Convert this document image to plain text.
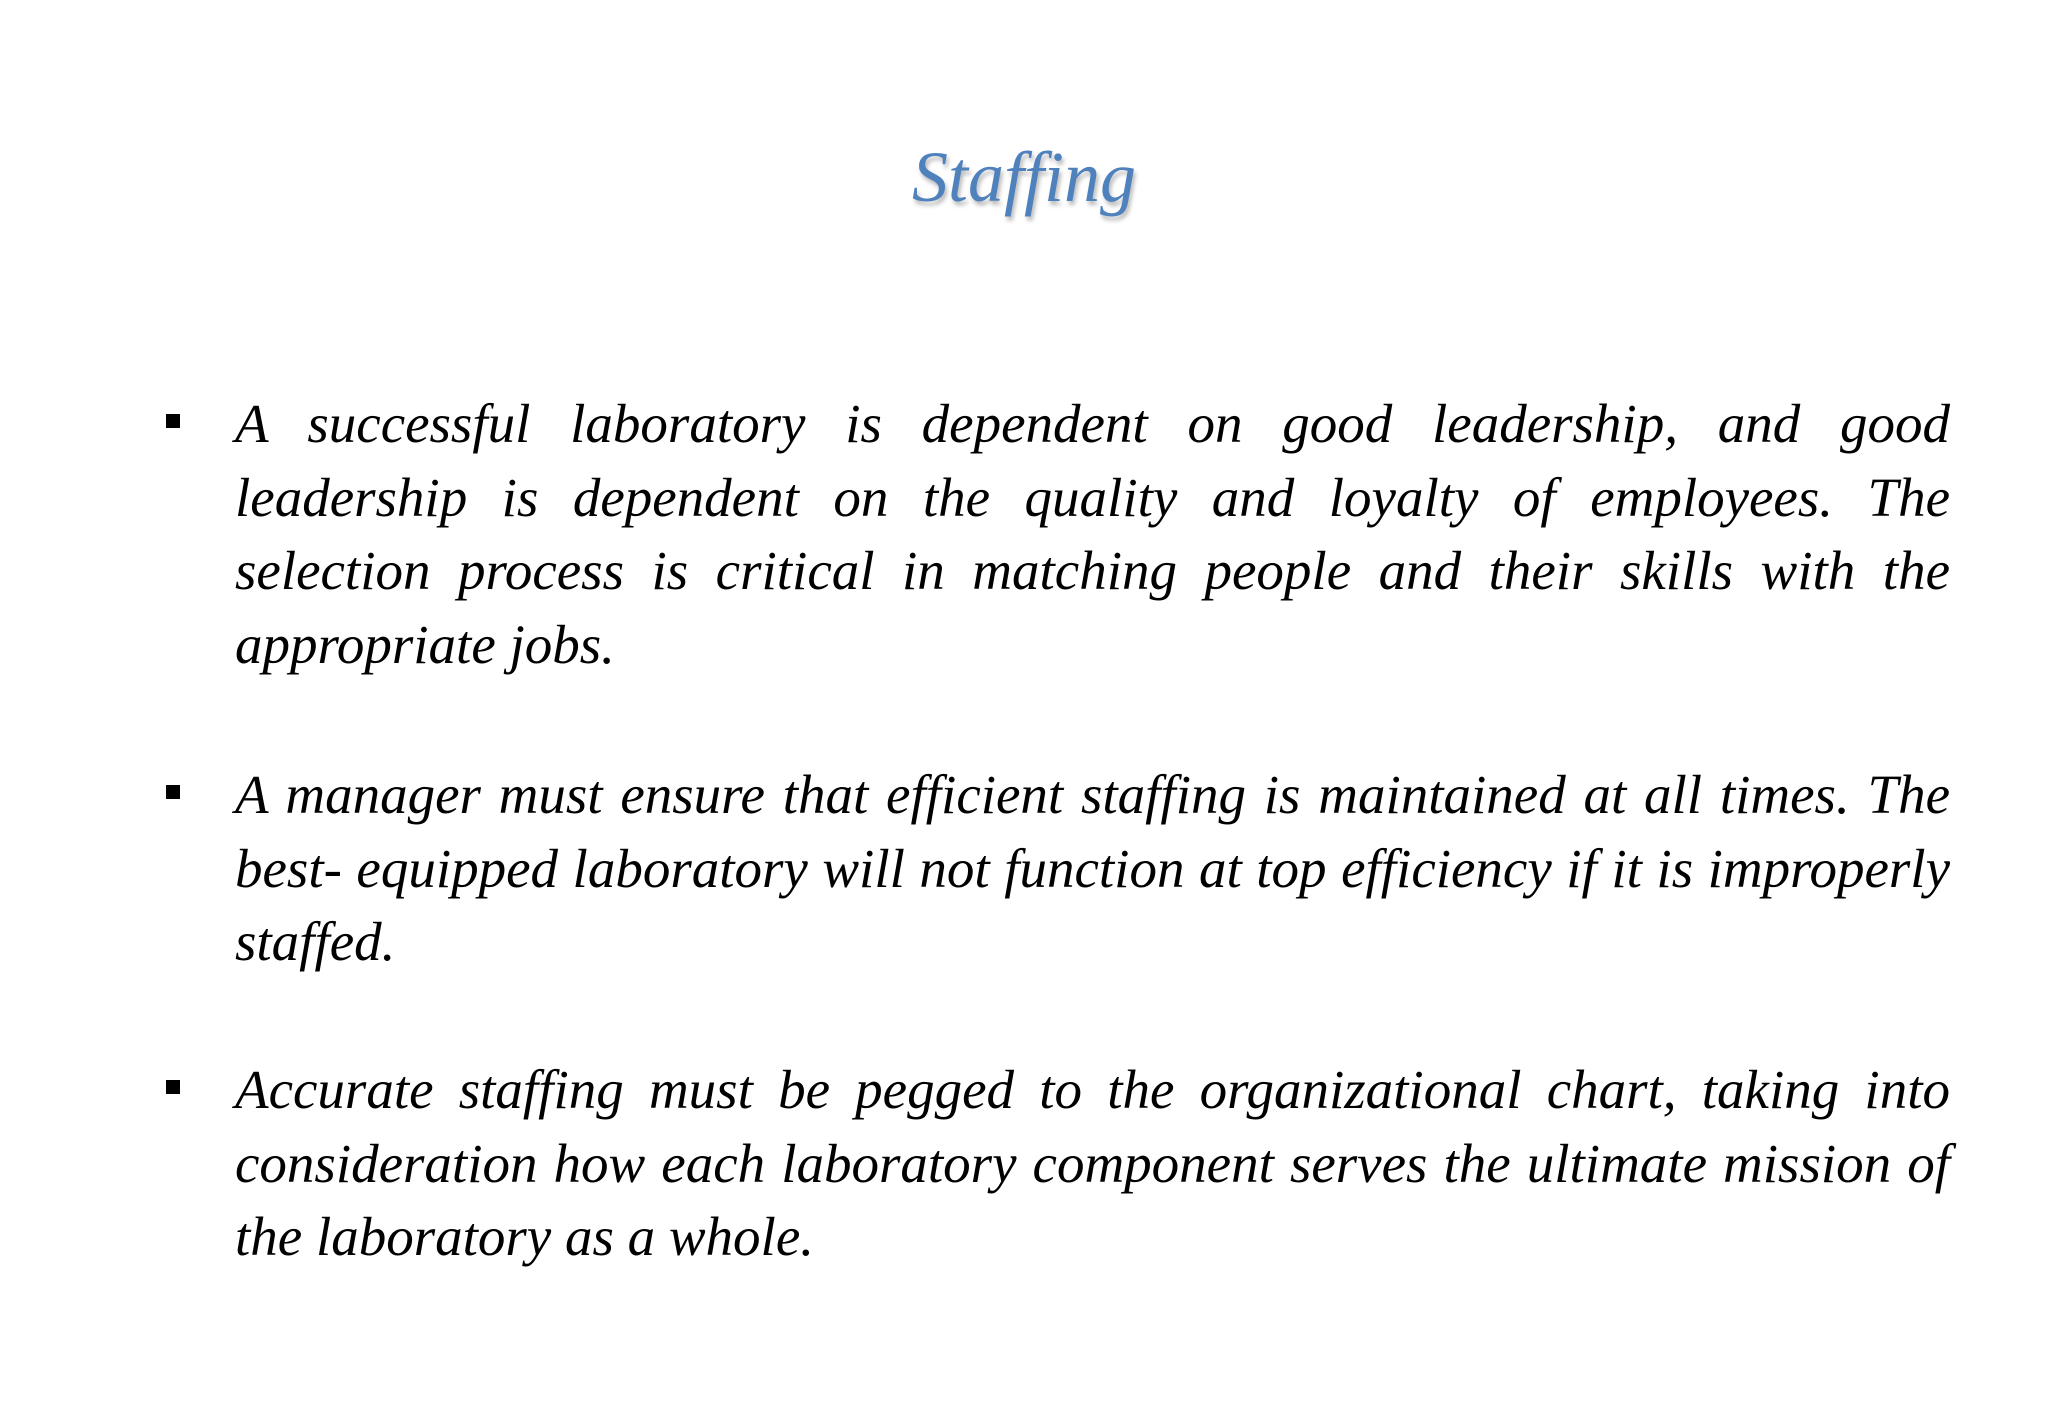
Staffing

A successful laboratory is dependent on good leadership, and good leadership is dependent on the quality and loyalty of employees. The selection process is critical in matching people and their skills with the appropriate jobs.

A manager must ensure that efficient staffing is maintained at all times. The best- equipped laboratory will not function at top efficiency if it is improperly staffed.

Accurate staffing must be pegged to the organizational chart, taking into consideration how each laboratory component serves the ultimate mission of the laboratory as a whole.
